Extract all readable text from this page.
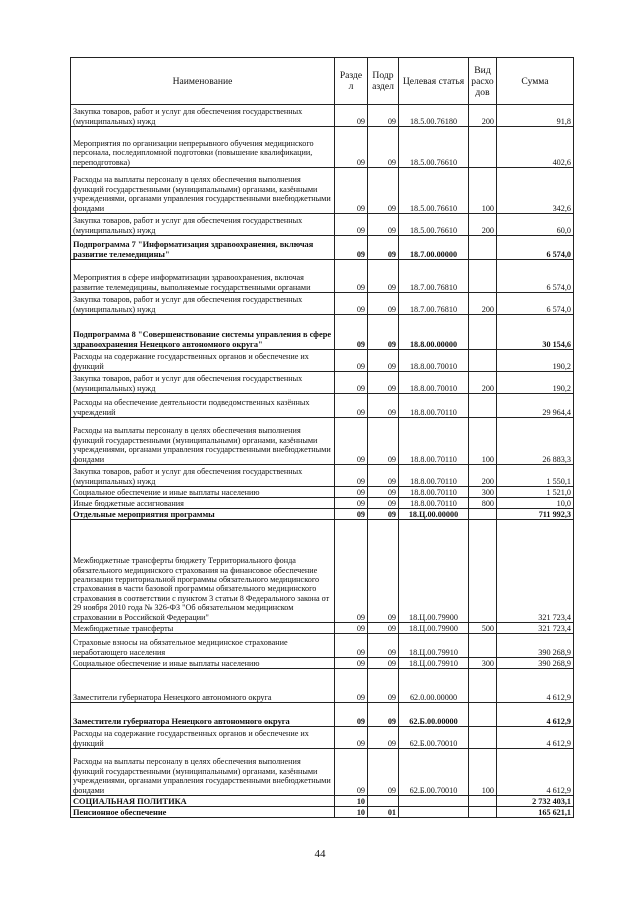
Наименование	Разде л	Подр аздел	Целевая статья	Вид расхо дов	Сумма
Закупка товаров, работ и услуг для обеспечения государственных (муниципальных) нужд	09	09	18.5.00.76180	200	91,8
Мероприятия по организации непрерывного обучения медицинского персонала, последипломной подготовки (повышение квалификации, переподготовка)	09	09	18.5.00.76610		402,6
Расходы на выплаты персоналу в целях обеспечения выполнения функций государственными (муниципальными) органами, казёнными учреждениями, органами управления государственными внебюджетными фондами	09	09	18.5.00.76610	100	342,6
Закупка товаров, работ и услуг для обеспечения государственных (муниципальных) нужд	09	09	18.5.00.76610	200	60,0
Подпрограмма 7 "Информатизация здравоохранения, включая развитие телемедицины"	09	09	18.7.00.00000		6 574,0
Мероприятия в сфере информатизации здравоохранения, включая развитие телемедицины, выполняемые государственными органами	09	09	18.7.00.76810		6 574,0
Закупка товаров, работ и услуг для обеспечения государственных (муниципальных) нужд	09	09	18.7.00.76810	200	6 574,0
Подпрограмма 8 "Совершенствование системы управления в сфере здравоохранения Ненецкого автономного округа"	09	09	18.8.00.00000		30 154,6
Расходы на содержание государственных органов и обеспечение их функций	09	09	18.8.00.70010		190,2
Закупка товаров, работ и услуг для обеспечения государственных (муниципальных) нужд	09	09	18.8.00.70010	200	190,2
Расходы на обеспечение деятельности подведомственных казённых учреждений	09	09	18.8.00.70110		29 964,4
Расходы на выплаты персоналу в целях обеспечения выполнения функций государственными (муниципальными) органами, казёнными учреждениями, органами управления государственными внебюджетными фондами	09	09	18.8.00.70110	100	26 883,3
Закупка товаров, работ и услуг для обеспечения государственных (муниципальных) нужд	09	09	18.8.00.70110	200	1 550,1
Социальное обеспечение и иные выплаты населению	09	09	18.8.00.70110	300	1 521,0
Иные бюджетные ассигнования	09	09	18.8.00.70110	800	10,0
Отдельные мероприятия программы	09	09	18.Ц.00.00000		711 992,3
Межбюджетные трансферты бюджету Территориального фонда обязательного медицинского страхования на финансовое обеспечение реализации территориальной программы обязательного медицинского страхования в части базовой программы обязательного медицинского страхования в соответствии с пунктом 3 статьи 8 Федерального закона от 29 ноября 2010 года № 326-ФЗ "Об обязательном медицинском страховании в Российской Федерации"	09	09	18.Ц.00.79900		321 723,4
Межбюджетные трансферты	09	09	18.Ц.00.79900	500	321 723,4
Страховые взносы на обязательное медицинское страхование неработающего населения	09	09	18.Ц.00.79910		390 268,9
Социальное обеспечение и иные выплаты населению	09	09	18.Ц.00.79910	300	390 268,9
Заместители губернатора Ненецкого автономного округа	09	09	62.0.00.00000		4 612,9
Заместители губернатора Ненецкого автономного округа	09	09	62.Б.00.00000		4 612,9
Расходы на содержание государственных органов и обеспечение их функций	09	09	62.Б.00.70010		4 612,9
Расходы на выплаты персоналу в целях обеспечения выполнения функций государственными (муниципальными) органами, казёнными учреждениями, органами управления государственными внебюджетными фондами	09	09	62.Б.00.70010	100	4 612,9
СОЦИАЛЬНАЯ ПОЛИТИКА	10				2 732 403,1
Пенсионное обеспечение	10	01			165 621,1
44
